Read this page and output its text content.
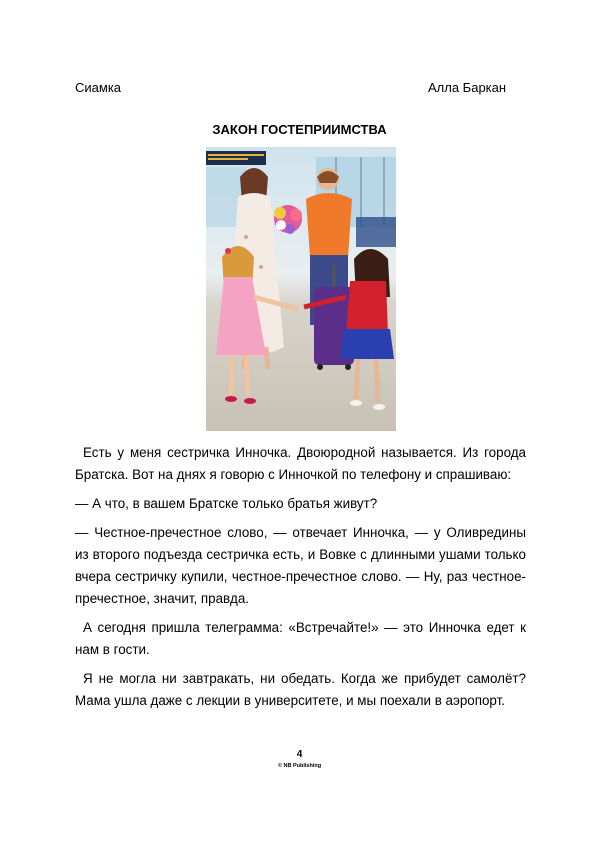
Сиамка	Алла Баркан
ЗАКОН ГОСТЕПРИИМСТВА

Есть у меня сестричка Инночка. Двоюродной называется. Из города Братска. Вот на днях я говорю с Инночкой по телефону и спрашиваю:

— А что, в вашем Братске только братья живут?

— Честное-пречестное слово, — отвечает Инночка, — у Оливредины из второго подъезда сестричка есть, и Вовке с длинными ушами только вчера сестричку купили, честное-пречестное слово. — Ну, раз честное-пречестное, значит, правда.

А сегодня пришла телеграмма: «Встречайте!» — это Инночка едет к нам в гости.

Я не могла ни завтракать, ни обедать. Когда же прибудет самолёт? Мама ушла даже с лекции в университете, и мы поехали в аэропорт.

4
© NB Publishing
